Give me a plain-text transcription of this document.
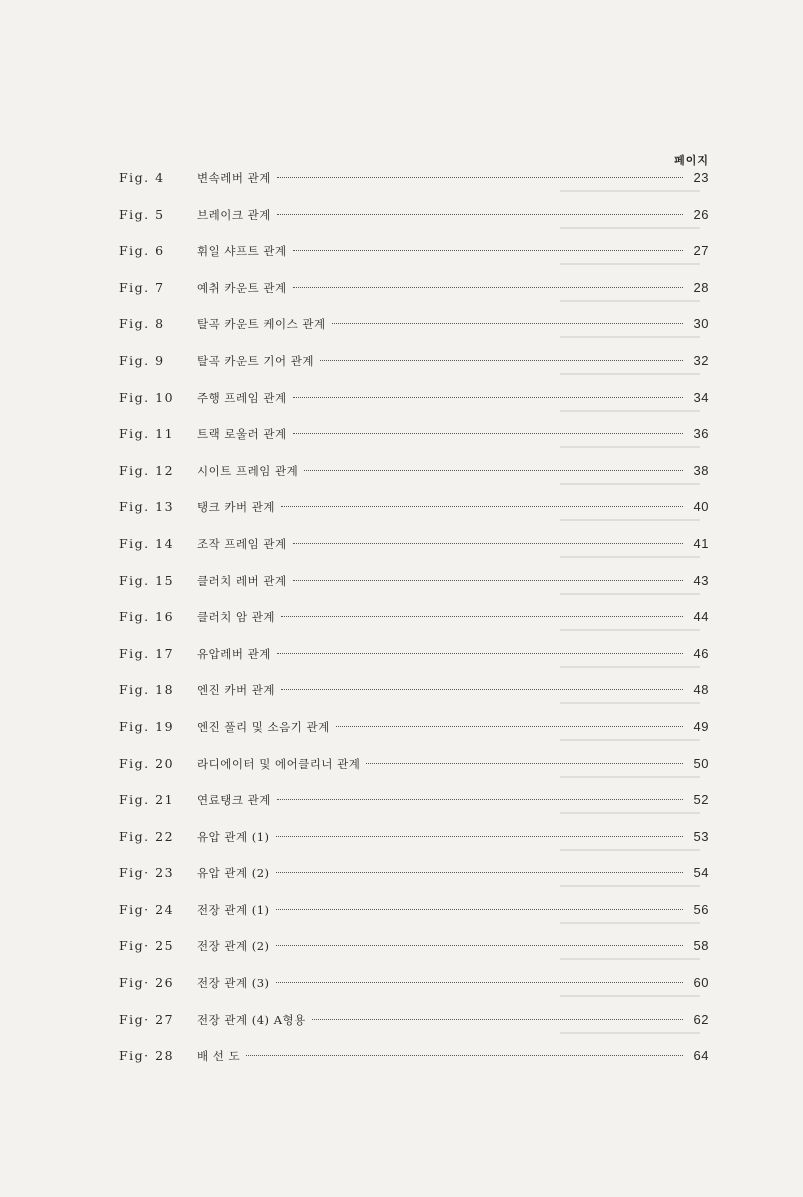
페이지
Fig. 4	변속레버 관계	23
Fig. 5	브레이크 관계	26
Fig. 6	휘일 샤프트 관계	27
Fig. 7	예취 카운트 관계	28
Fig. 8	탈곡 카운트 케이스 관계	30
Fig. 9	탈곡 카운트 기어 관계	32
Fig. 10	주행 프레임 관계	34
Fig. 11	트랙 로울러 관계	36
Fig. 12	시이트 프레임 관계	38
Fig. 13	탱크 카버 관계	40
Fig. 14	조작 프레임 관계	41
Fig. 15	클러치 레버 관계	43
Fig. 16	클러치 암 관계	44
Fig. 17	유압레버 관계	46
Fig. 18	엔진 카버 관계	48
Fig. 19	엔진 풀리 및 소음기 관계	49
Fig. 20	라디에이터 및 에어클리너 관계	50
Fig. 21	연료탱크 관계	52
Fig. 22	유압 관계 (1)	53
Fig· 23	유압 관계 (2)	54
Fig· 24	전장 관계 (1)	56
Fig· 25	전장 관계 (2)	58
Fig· 26	전장 관계 (3)	60
Fig· 27	전장 관계 (4) A형용	62
Fig· 28	배 선 도	64
